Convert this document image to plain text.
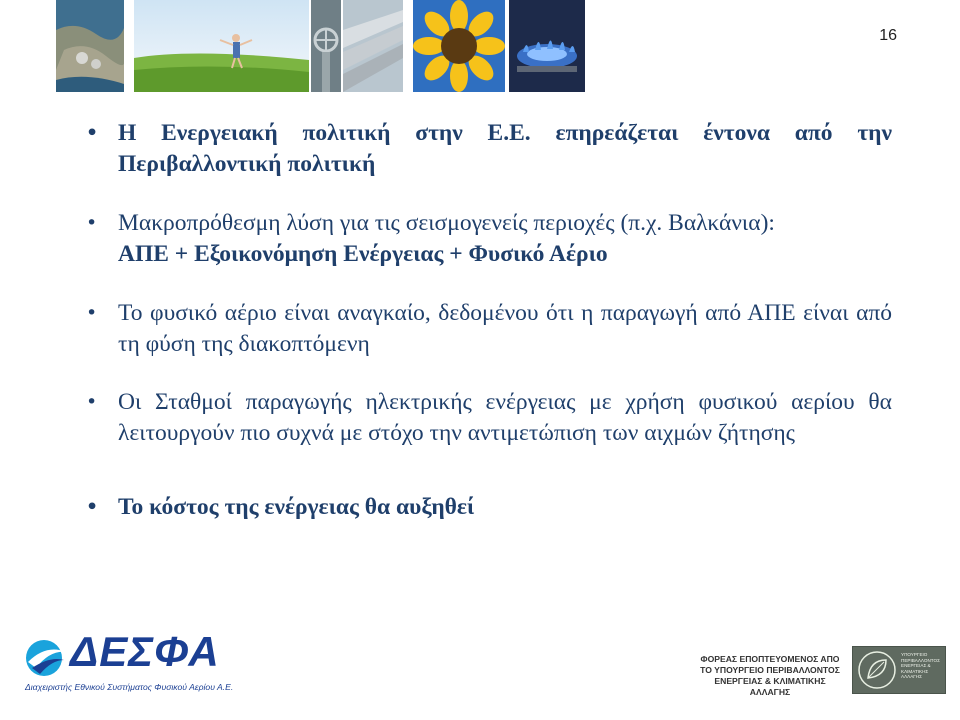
16
• Η Ενεργειακή πολιτική στην Ε.Ε. επηρεάζεται έντονα από την Περιβαλλοντική πολιτική
• Μακροπρόθεσμη λύση για τις σεισμογενείς περιοχές (π.χ. Βαλκάνια):
ΑΠΕ + Εξοικονόμηση Ενέργειας + Φυσικό Αέριο
• Το φυσικό αέριο είναι αναγκαίο, δεδομένου ότι η παραγωγή από ΑΠΕ είναι από τη φύση της διακοπτόμενη
• Οι Σταθμοί παραγωγής ηλεκτρικής ενέργειας με χρήση φυσικού αερίου θα λειτουργούν πιο συχνά με στόχο την αντιμετώπιση των αιχμών ζήτησης
• Το κόστος της ενέργειας θα αυξηθεί
ΔΕΣΦΑ
Διαχειριστής Εθνικού Συστήματος Φυσικού Αερίου Α.Ε.
ΦΟΡΕΑΣ ΕΠΟΠΤΕΥΟΜΕΝΟΣ ΑΠΟ
ΤΟ ΥΠΟΥΡΓΕΙΟ ΠΕΡΙΒΑΛΛΟΝΤΟΣ
ΕΝΕΡΓΕΙΑΣ & ΚΛΙΜΑΤΙΚΗΣ ΑΛΛΑΓΗΣ
ΥΠΟΥΡΓΕΙΟ
ΠΕΡΙΒΑΛΛΟΝΤΟΣ
ΕΝΕΡΓΕΙΑΣ &
ΚΛΙΜΑΤΙΚΗΣ
ΑΛΛΑΓΗΣ
